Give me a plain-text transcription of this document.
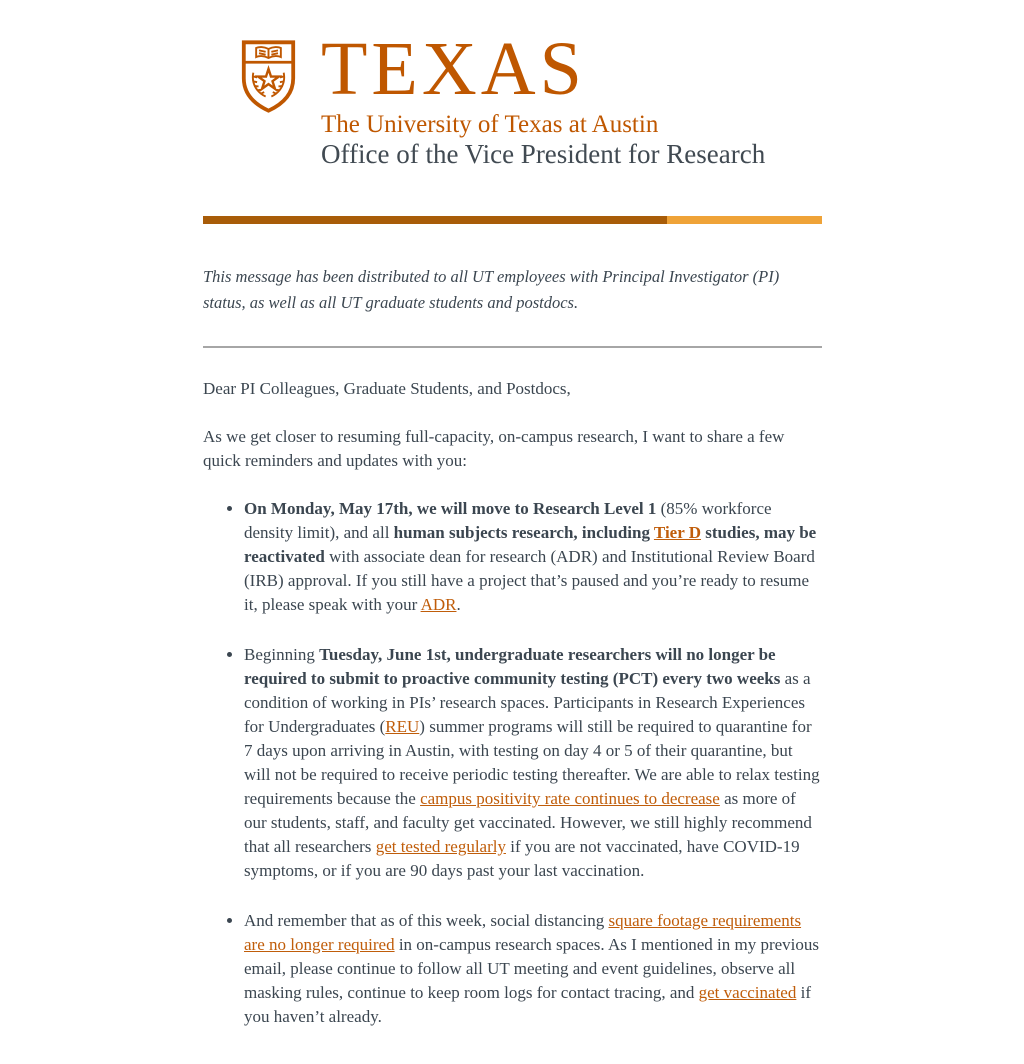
TEXAS
The University of Texas at Austin
Office of the Vice President for Research

This message has been distributed to all UT employees with Principal Investigator (PI) status, as well as all UT graduate students and postdocs.

Dear PI Colleagues, Graduate Students, and Postdocs,

As we get closer to resuming full-capacity, on-campus research, I want to share a few quick reminders and updates with you:

• On Monday, May 17th, we will move to Research Level 1 (85% workforce density limit), and all human subjects research, including Tier D studies, may be reactivated with associate dean for research (ADR) and Institutional Review Board (IRB) approval. If you still have a project that’s paused and you’re ready to resume it, please speak with your ADR.
• Beginning Tuesday, June 1st, undergraduate researchers will no longer be required to submit to proactive community testing (PCT) every two weeks as a condition of working in PIs’ research spaces. Participants in Research Experiences for Undergraduates (REU) summer programs will still be required to quarantine for 7 days upon arriving in Austin, with testing on day 4 or 5 of their quarantine, but will not be required to receive periodic testing thereafter. We are able to relax testing requirements because the campus positivity rate continues to decrease as more of our students, staff, and faculty get vaccinated. However, we still highly recommend that all researchers get tested regularly if you are not vaccinated, have COVID-19 symptoms, or if you are 90 days past your last vaccination.
• And remember that as of this week, social distancing square footage requirements are no longer required in on-campus research spaces. As I mentioned in my previous email, please continue to follow all UT meeting and event guidelines, observe all masking rules, continue to keep room logs for contact tracing, and get vaccinated if you haven’t already.
